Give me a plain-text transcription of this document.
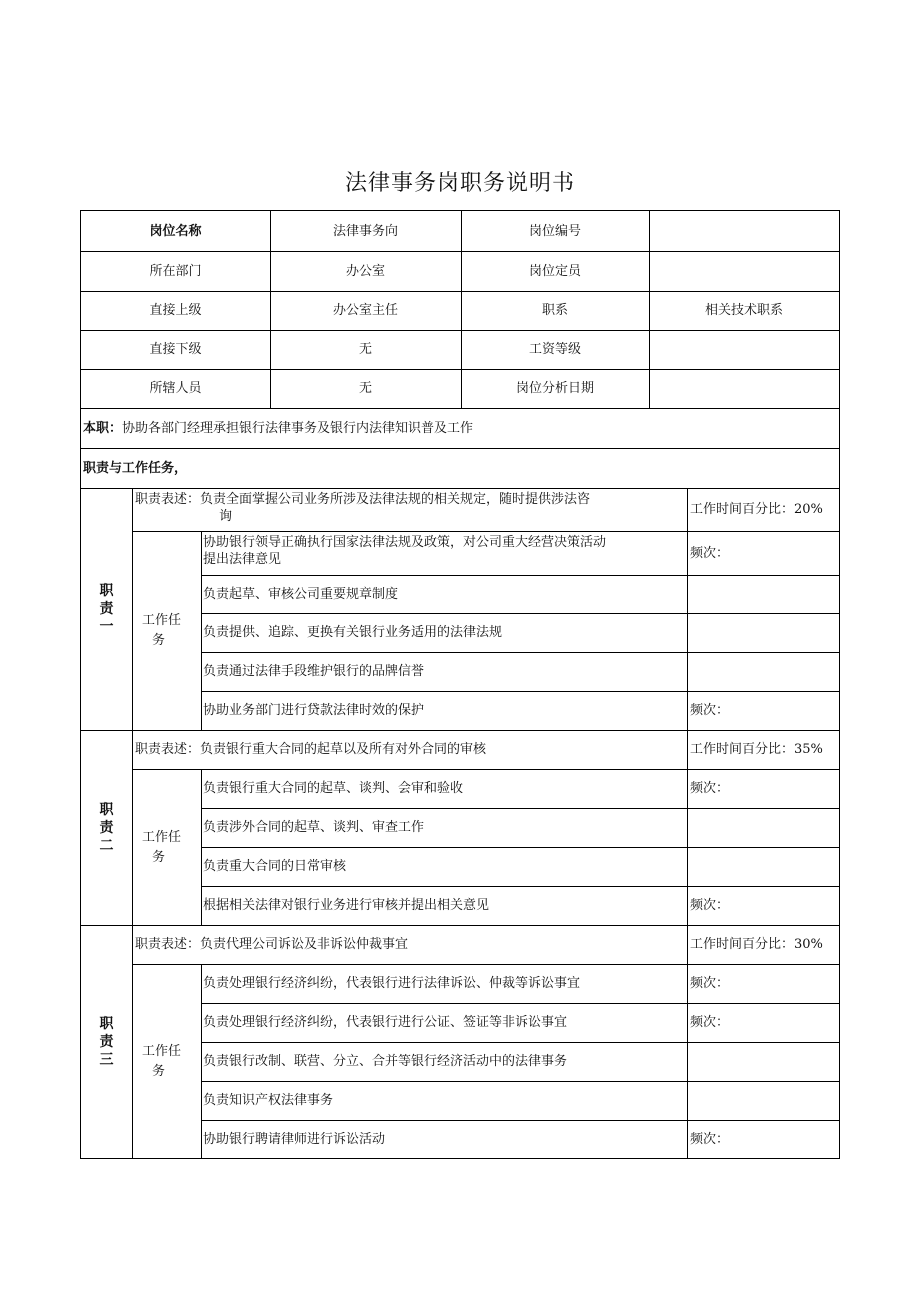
法律事务岗职务说明书
岗位名称	法律事务向	岗位编号
所在部门	办公室	岗位定员
直接上级	办公室主任	职系	相关技术职系
直接下级	无	工资等级
所辖人员	无	岗位分析日期
本职： 协助各部门经理承担银行法律事务及银行内法律知识普及工作
职责与工作任务，
职
责
一
职责表述：负责全面掌握公司业务所涉及法律法规的相关规定，随时提供涉法咨
询	工作时间百分比：20%
工作任
务
协助银行领导正确执行国家法律法规及政策，对公司重大经营决策活动
提出法律意见	频次：
负责起草、审核公司重要规章制度
负责提供、追踪、更换有关银行业务适用的法律法规
负责通过法律手段维护银行的品牌信誉
协助业务部门进行贷款法律时效的保护	频次：
职
责
二
职责表述：负责银行重大合同的起草以及所有对外合同的审核	工作时间百分比：35%
工作任
务
负责银行重大合同的起草、谈判、会审和验收	频次：
负责涉外合同的起草、谈判、审查工作
负责重大合同的日常审核
根据相关法律对银行业务进行审核并提出相关意见	频次：
职
责
三
职责表述：负责代理公司诉讼及非诉讼仲裁事宜	工作时间百分比：30%
工作任
务
负责处理银行经济纠纷，代表银行进行法律诉讼、仲裁等诉讼事宜	频次：
负责处理银行经济纠纷，代表银行进行公证、签证等非诉讼事宜	频次：
负责银行改制、联营、分立、合并等银行经济活动中的法律事务
负责知识产权法律事务
协助银行聘请律师进行诉讼活动	频次：
